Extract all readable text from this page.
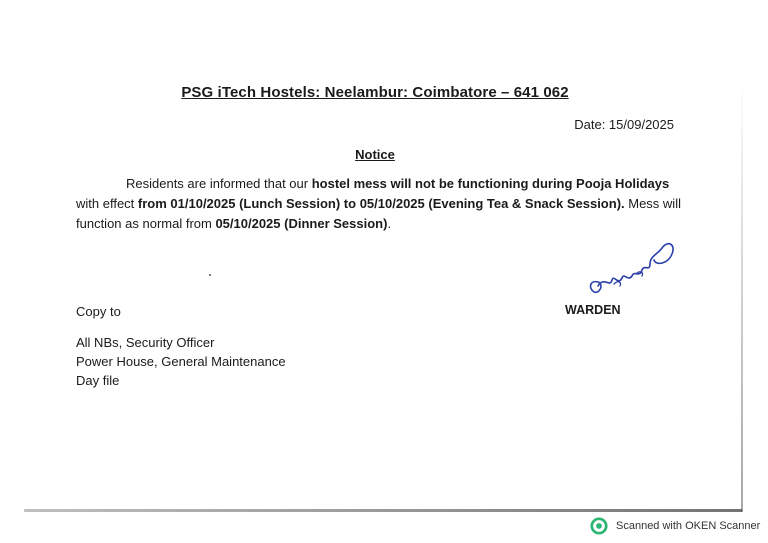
PSG iTech Hostels: Neelambur: Coimbatore – 641 062
Date: 15/09/2025
Notice
Residents are informed that our hostel mess will not be functioning during Pooja Holidays with effect from 01/10/2025 (Lunch Session) to 05/10/2025 (Evening Tea & Snack Session). Mess will function as normal from 05/10/2025 (Dinner Session).
WARDEN
Copy to
All NBs, Security Officer
Power House, General Maintenance
Day file
Scanned with OKEN Scanner
